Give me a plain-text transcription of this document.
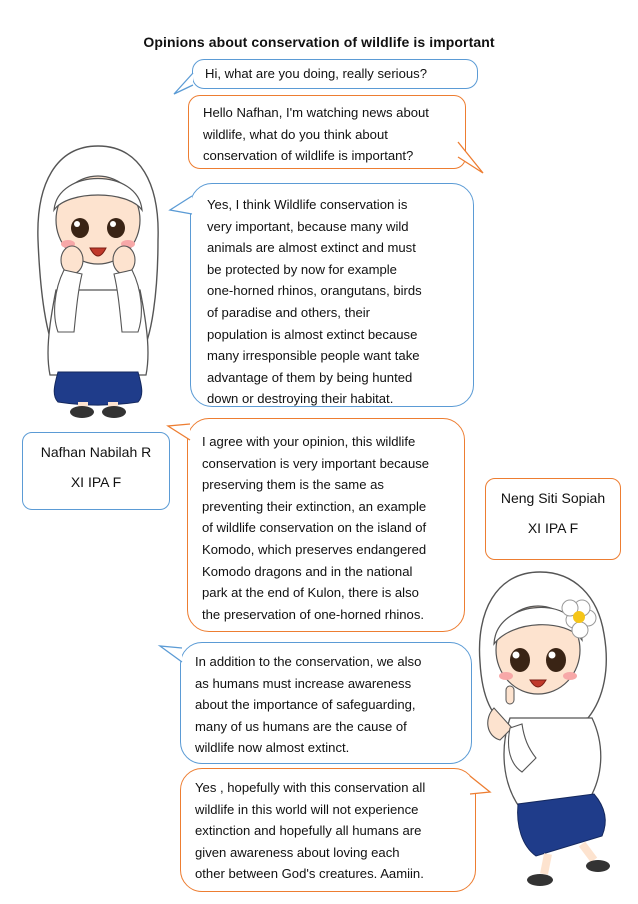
Opinions about conservation of wildlife is important
Hi, what are you doing, really serious?
Hello Nafhan, I'm watching news about
wildlife, what do you think about
conservation of wildlife is important?
Yes, I think Wildlife conservation is
very important, because many wild
animals are almost extinct and must
be protected by now for example
one-horned rhinos, orangutans, birds
of paradise and others, their
population is almost extinct because
many irresponsible people want take
advantage of them by being hunted
down or destroying their habitat.
I agree with your opinion, this wildlife
conservation is very important because
preserving them is the same as
preventing their extinction, an example
of wildlife conservation on the island of
Komodo, which preserves endangered
Komodo dragons and in the national
park at the end of Kulon, there is also
the preservation of one-horned rhinos.
In addition to the conservation, we also
as humans must increase awareness
about the importance of safeguarding,
many of us humans are the cause of
wildlife now almost extinct.
Yes , hopefully with this conservation all
wildlife in this world will not experience
extinction and hopefully all humans are
given awareness about loving each
other between God's creatures. Aamiin.
Nafhan Nabilah R
XI IPA F
Neng Siti Sopiah
XI IPA F
